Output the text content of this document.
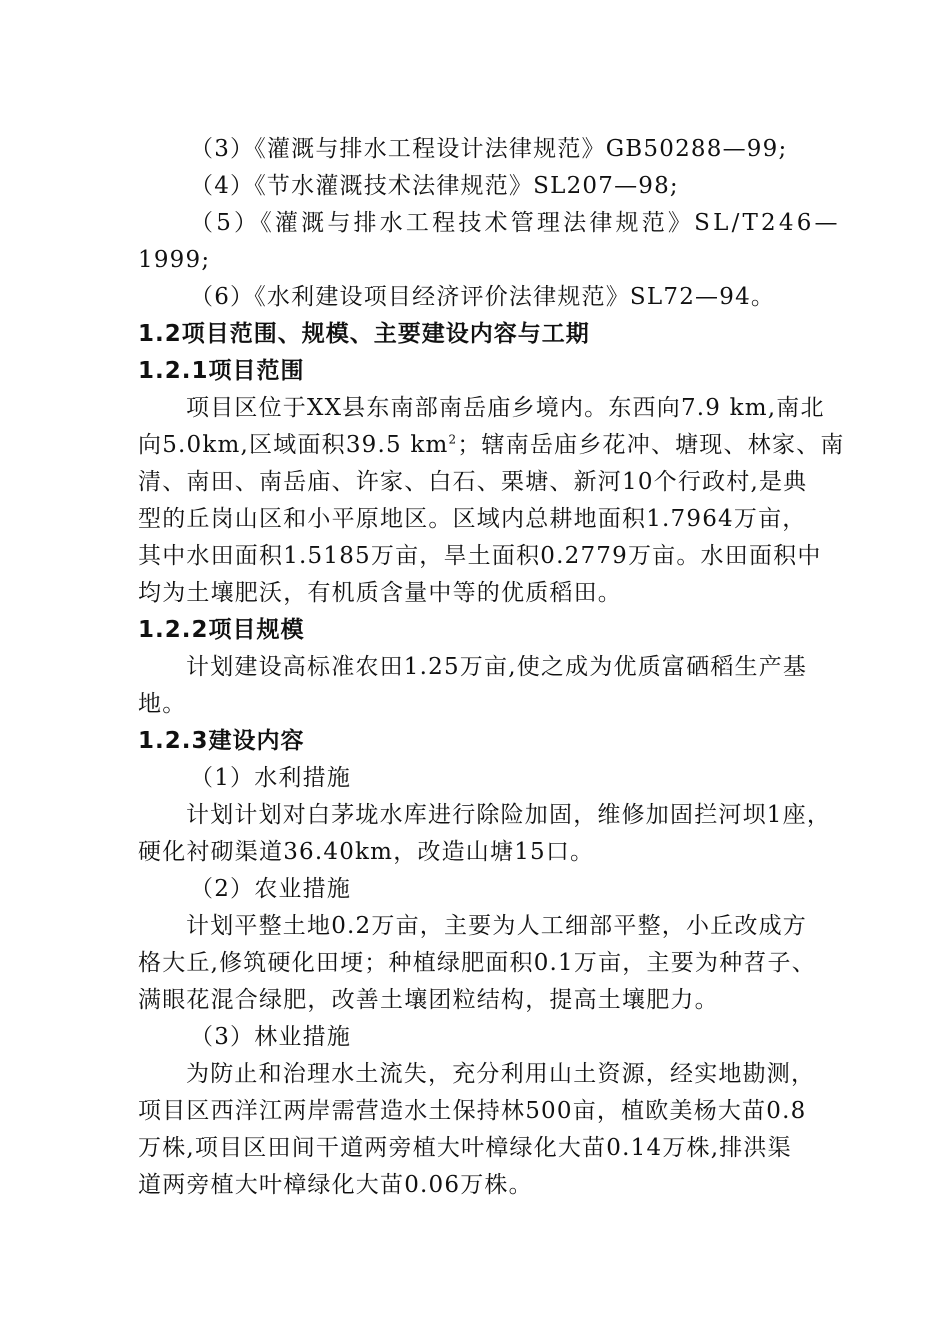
（3）《灌溉与排水工程设计法律规范》GB50288—99;
（4）《节水灌溉技术法律规范》SL207—98;
（5）《灌溉与排水工程技术管理法律规范》SL/T246—
1999;
（6）《水利建设项目经济评价法律规范》SL72—94。
1.2项目范围、规模、主要建设内容与工期
1.2.1项目范围
项目区位于XX县东南部南岳庙乡境内。东西向7.9 km,南北
向5.0km,区域面积39.5 $km^2$；辖南岳庙乡花冲、塘现、林家、南
清、南田、南岳庙、许家、白石、栗塘、新河10个行政村,是典
型的丘岗山区和小平原地区。区域内总耕地面积1.7964万亩，
其中水田面积1.5185万亩，旱土面积0.2779万亩。水田面积中
均为土壤肥沃，有机质含量中等的优质稻田。
1.2.2项目规模
计划建设高标准农田1.25万亩,使之成为优质富硒稻生产基
地。
1.2.3建设内容
（1）水利措施
计划计划对白茅垅水库进行除险加固，维修加固拦河坝1座，
硬化衬砌渠道36.40km，改造山塘15口。
（2）农业措施
计划平整土地0.2万亩，主要为人工细部平整，小丘改成方
格大丘,修筑硬化田埂；种植绿肥面积0.1万亩，主要为种苕子、
满眼花混合绿肥，改善土壤团粒结构，提高土壤肥力。
（3）林业措施
为防止和治理水土流失，充分利用山土资源，经实地勘测，
项目区西洋江两岸需营造水土保持林500亩，植欧美杨大苗0.8
万株,项目区田间干道两旁植大叶樟绿化大苗0.14万株,排洪渠
道两旁植大叶樟绿化大苗0.06万株。
